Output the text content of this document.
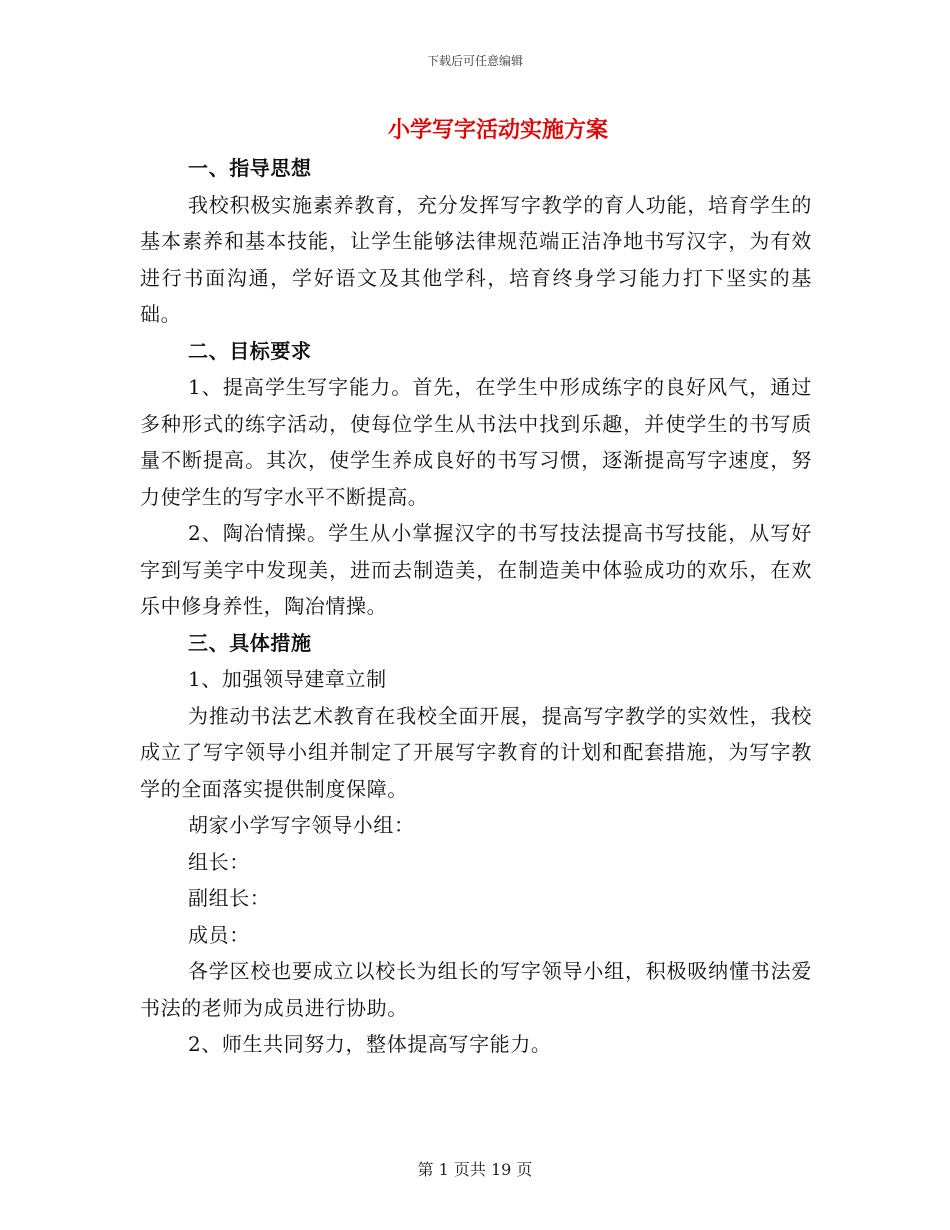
下载后可任意编辑
小学写字活动实施方案

一、指导思想

我校积极实施素养教育，充分发挥写字教学的育人功能，培育学生的基本素养和基本技能，让学生能够法律规范端正洁净地书写汉字，为有效进行书面沟通，学好语文及其他学科，培育终身学习能力打下坚实的基础。

二、目标要求

1、提高学生写字能力。首先，在学生中形成练字的良好风气，通过多种形式的练字活动，使每位学生从书法中找到乐趣，并使学生的书写质量不断提高。其次，使学生养成良好的书写习惯，逐渐提高写字速度，努力使学生的写字水平不断提高。

2、陶冶情操。学生从小掌握汉字的书写技法提高书写技能，从写好字到写美字中发现美，进而去制造美，在制造美中体验成功的欢乐，在欢乐中修身养性，陶冶情操。

三、具体措施

1、加强领导建章立制

为推动书法艺术教育在我校全面开展，提高写字教学的实效性，我校成立了写字领导小组并制定了开展写字教育的计划和配套措施，为写字教学的全面落实提供制度保障。

胡家小学写字领导小组：

组长：

副组长：

成员：

各学区校也要成立以校长为组长的写字领导小组，积极吸纳懂书法爱书法的老师为成员进行协助。

2、师生共同努力，整体提高写字能力。

第 1 页共 19 页
